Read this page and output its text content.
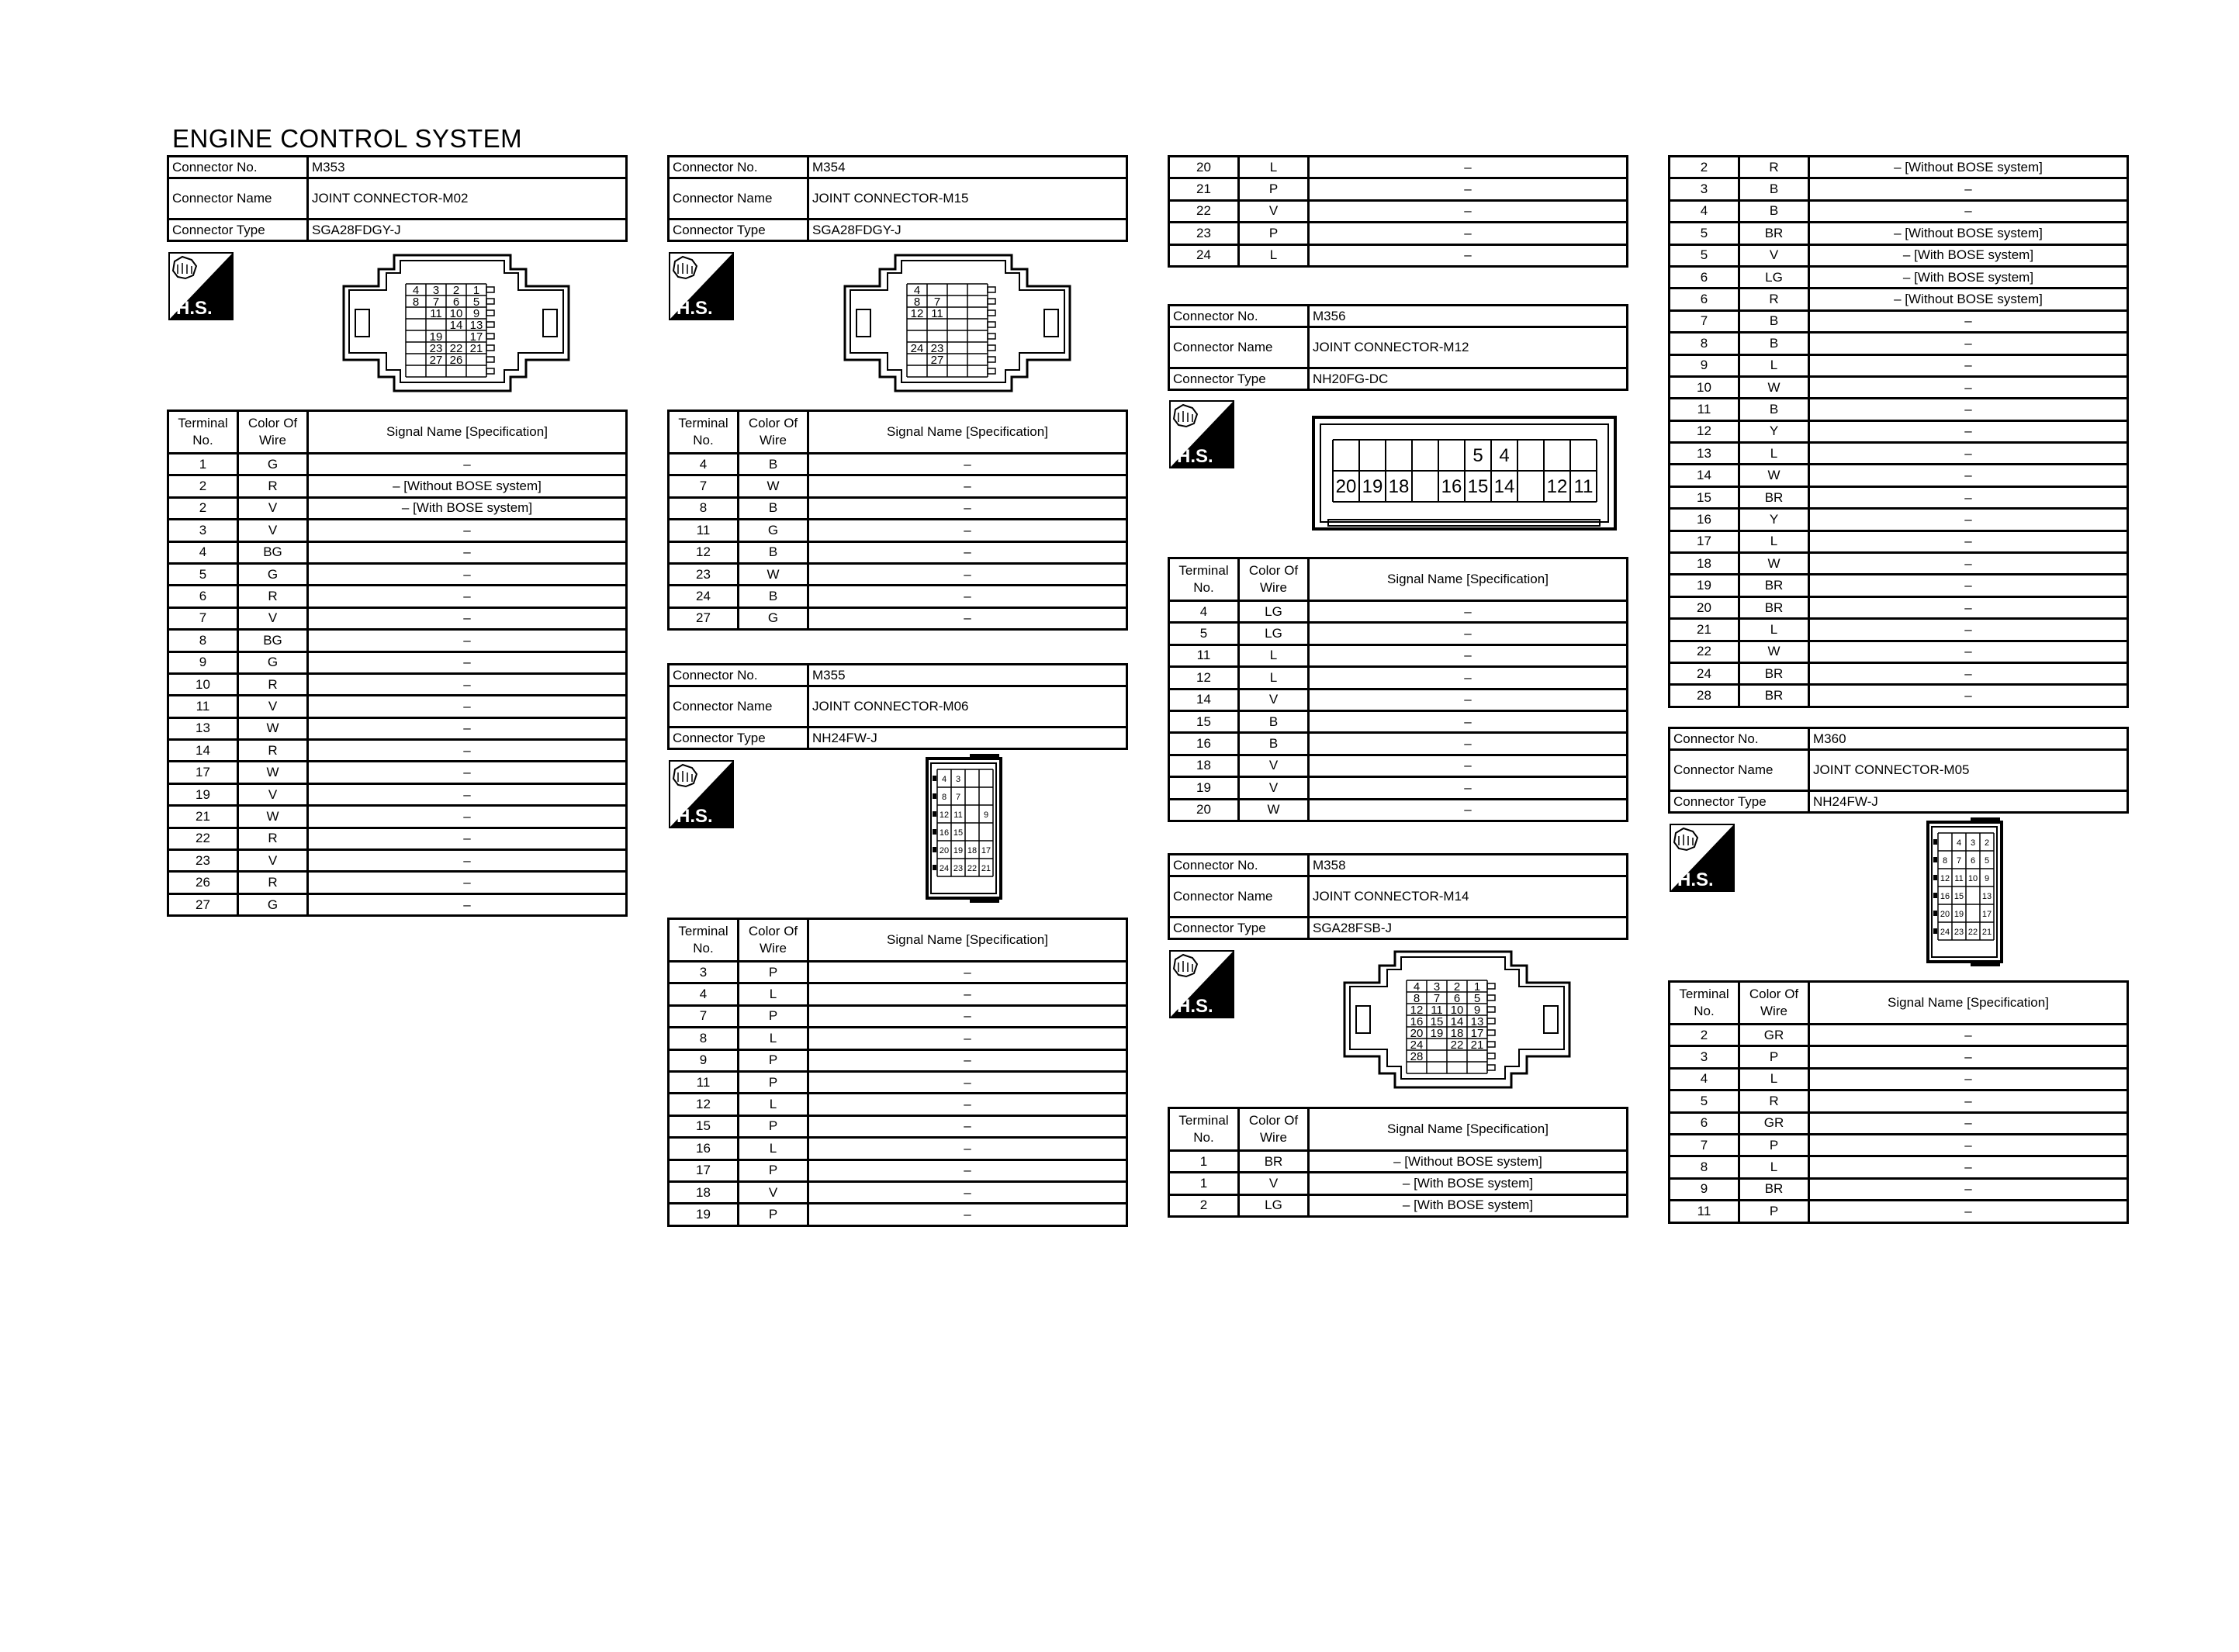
ENGINE CONTROL SYSTEM
Connector No.	M353
Connector Name	JOINT CONNECTOR-M02
Connector Type	SGA28FDGY-J
H.S.
4 3 2 1
8 7 6 5
11 10 9
14 13
19 17
23 22 21
27 26
Terminal No.	Color Of Wire	Signal Name [Specification]
1	G	–
2	R	– [Without BOSE system]
2	V	– [With BOSE system]
3	V	–
4	BG	–
5	G	–
6	R	–
7	V	–
8	BG	–
9	G	–
10	R	–
11	V	–
13	W	–
14	R	–
17	W	–
19	V	–
21	W	–
22	R	–
23	V	–
26	R	–
27	G	–
Connector No.	M354
Connector Name	JOINT CONNECTOR-M15
Connector Type	SGA28FDGY-J
H.S.
4
8 7
12 11
24 23
27
Terminal No.	Color Of Wire	Signal Name [Specification]
4	B	–
7	W	–
8	B	–
11	G	–
12	B	–
23	W	–
24	B	–
27	G	–
Connector No.	M355
Connector Name	JOINT CONNECTOR-M06
Connector Type	NH24FW-J
H.S.
4 3
8 7
12 11 9
16 15
20 19 18 17
24 23 22 21
Terminal No.	Color Of Wire	Signal Name [Specification]
3	P	–
4	L	–
7	P	–
8	L	–
9	P	–
11	P	–
12	L	–
15	P	–
16	L	–
17	P	–
18	V	–
19	P	–
20	L	–
21	P	–
22	V	–
23	P	–
24	L	–
Connector No.	M356
Connector Name	JOINT CONNECTOR-M12
Connector Type	NH20FG-DC
H.S.	5 4
20 19 18 16 15 14 12 11
Terminal No.	Color Of Wire	Signal Name [Specification]
4	LG	–
5	LG	–
11	L	–
12	L	–
14	V	–
15	B	–
16	B	–
18	V	–
19	V	–
20	W	–
Connector No.	M358
Connector Name	JOINT CONNECTOR-M14
Connector Type	SGA28FSB-J
H.S.
4 3 2 1
8 7 6 5
12 11 10 9
16 15 14 13
20 19 18 17
24 22 21
28
Terminal No.	Color Of Wire	Signal Name [Specification]
1	BR	– [Without BOSE system]
1	V	– [With BOSE system]
2	LG	– [With BOSE system]
2	R	– [Without BOSE system]
3	B	–
4	B	–
5	BR	– [Without BOSE system]
5	V	– [With BOSE system]
6	LG	– [With BOSE system]
6	R	– [Without BOSE system]
7	B	–
8	B	–
9	L	–
10	W	–
11	B	–
12	Y	–
13	L	–
14	W	–
15	BR	–
16	Y	–
17	L	–
18	W	–
19	BR	–
20	BR	–
21	L	–
22	W	–
24	BR	–
28	BR	–
Connector No.	M360
Connector Name	JOINT CONNECTOR-M05
Connector Type	NH24FW-J
H.S.
4 3 2
8 7 6 5
12 11 10 9
16 15 13
20 19 17
24 23 22 21
Terminal No.	Color Of Wire	Signal Name [Specification]
2	GR	–
3	P	–
4	L	–
5	R	–
6	GR	–
7	P	–
8	L	–
9	BR	–
11	P	–
